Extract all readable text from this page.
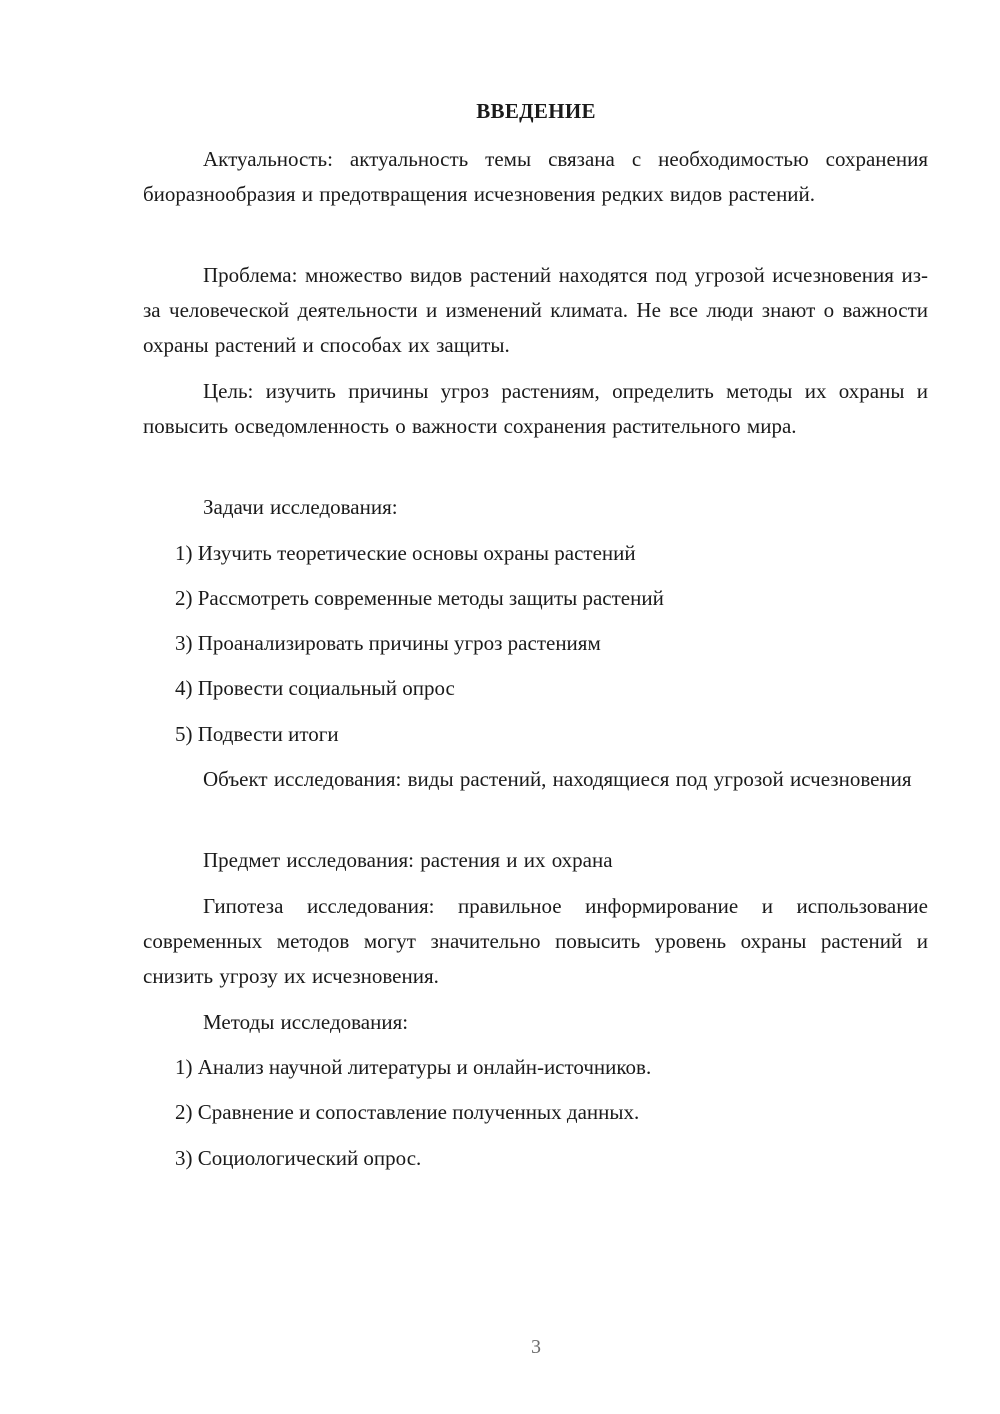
ВВЕДЕНИЕ

Актуальность: актуальность темы связана с необходимостью сохранения биоразнообразия и предотвращения исчезновения редких видов растений.

Проблема: множество видов растений находятся под угрозой исчезновения из-за человеческой деятельности и изменений климата. Не все люди знают о важности охраны растений и способах их защиты.

Цель: изучить причины угроз растениям, определить методы их охраны и повысить осведомленность о важности сохранения растительного мира.

Задачи исследования:

1) Изучить теоретические основы охраны растений

2) Рассмотреть современные методы защиты растений

3) Проанализировать причины угроз растениям

4) Провести социальный опрос

5) Подвести итоги

Объект исследования: виды растений, находящиеся под угрозой исчезновения

Предмет исследования: растения и их охрана

Гипотеза исследования: правильное информирование и использование современных методов могут значительно повысить уровень охраны растений и снизить угрозу их исчезновения.

Методы исследования:

1) Анализ научной литературы и онлайн-источников.

2) Сравнение и сопоставление полученных данных.

3) Социологический опрос.

3
